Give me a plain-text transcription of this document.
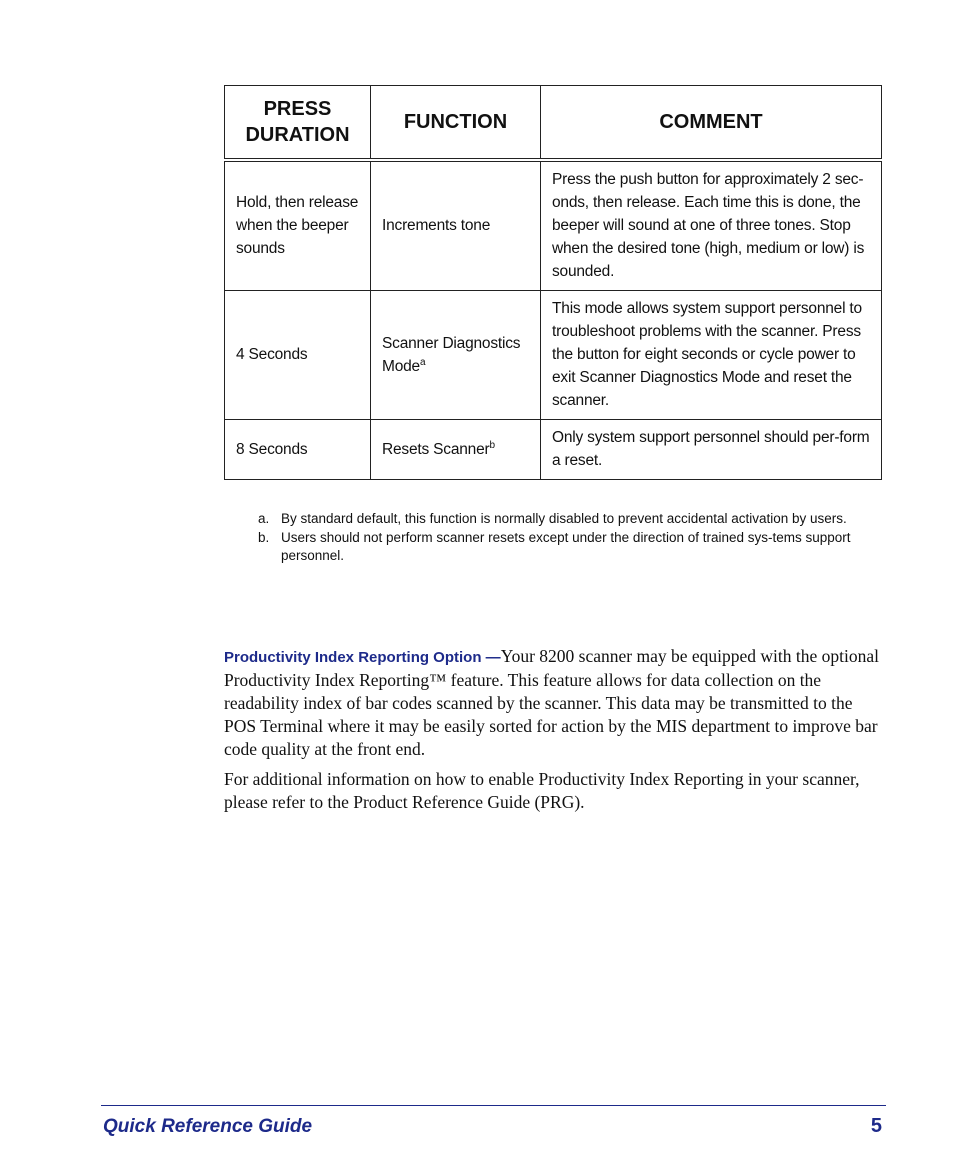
PRESS
DURATION	FUNCTION	COMMENT
Hold, then release when the beeper sounds	Increments tone	Press the push button for approximately 2 sec-onds, then release. Each time this is done, the beeper will sound at one of three tones. Stop when the desired tone (high, medium or low) is sounded.
4 Seconds	Scanner Diagnostics Mode$^a$	This mode allows system support personnel to troubleshoot problems with the scanner. Press the button for eight seconds or cycle power to exit Scanner Diagnostics Mode and reset the scanner.
8 Seconds	Resets Scanner$^b$	Only system support personnel should per-form a reset.
a. By standard default, this function is normally disabled to prevent accidental activation by users.
b. Users should not perform scanner resets except under the direction of trained sys-tems support personnel.

Productivity Index Reporting Option —Your 8200 scanner may be equipped with the optional Productivity Index Reporting™ feature. This feature allows for data collection on the readability index of bar codes scanned by the scanner. This data may be transmitted to the POS Terminal where it may be easily sorted for action by the MIS department to improve bar code quality at the front end.

For additional information on how to enable Productivity Index Reporting in your scanner, please refer to the Product Reference Guide (PRG).

Quick Reference Guide	5
